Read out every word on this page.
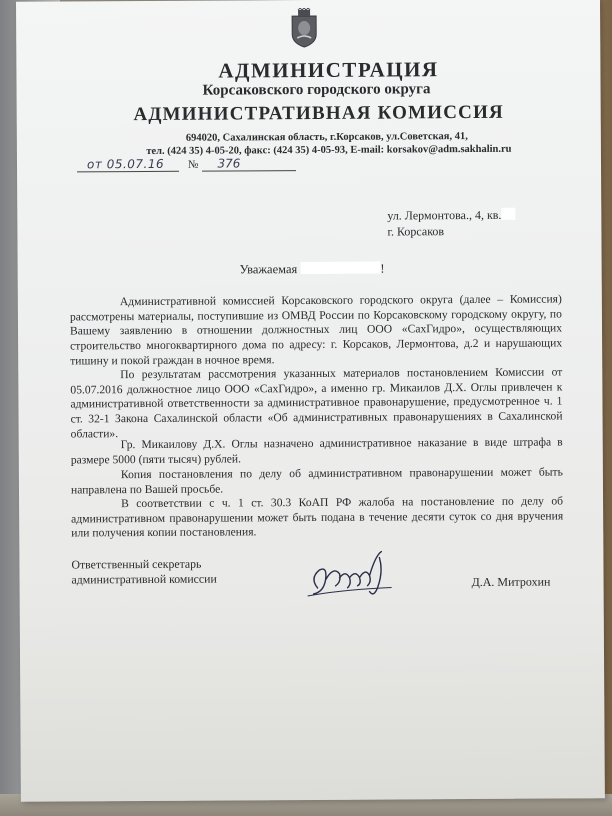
АДМИНИСТРАЦИЯ
Корсаковского городского округа
АДМИНИСТРАТИВНАЯ КОМИССИЯ
694020, Сахалинская область, г.Корсаков, ул.Советская, 41,
тел. (424 35) 4-05-20, факс: (424 35) 4-05-93, E-mail: korsakov@adm.sakhalin.ru
от 05.07.16 № 376
ул. Лермонтова., 4, кв.
г. Корсаков
Уважаемая	!

Административной комиссией Корсаковского городского округа (далее – Комиссия) рассмотрены материалы, поступившие из ОМВД России по Корсаковскому городскому округу, по Вашему заявлению в отношении должностных лиц ООО «СахГидро», осуществляющих строительство многоквартирного дома по адресу: г. Корсаков, Лермонтова, д.2 и нарушающих тишину и покой граждан в ночное время.

По результатам рассмотрения указанных материалов постановлением Комиссии от 05.07.2016 должностное лицо ООО «СахГидро», а именно гр. Микаилов Д.Х. Оглы привлечен к административной ответственности за административное правонарушение, предусмотренное ч. 1 ст. 32-1 Закона Сахалинской области «Об административных правонарушениях в Сахалинской области».

Гр. Микаилову Д.Х. Оглы назначено административное наказание в виде штрафа в размере 5000 (пяти тысяч) рублей.

Копия постановления по делу об административном правонарушении может быть направлена по Вашей просьбе.

В соответствии с ч. 1 ст. 30.3 КоАП РФ жалоба на постановление по делу об административном правонарушении может быть подана в течение десяти суток со дня вручения или получения копии постановления.

Ответственный секретарь
административной комиссии	Д.А. Митрохин
